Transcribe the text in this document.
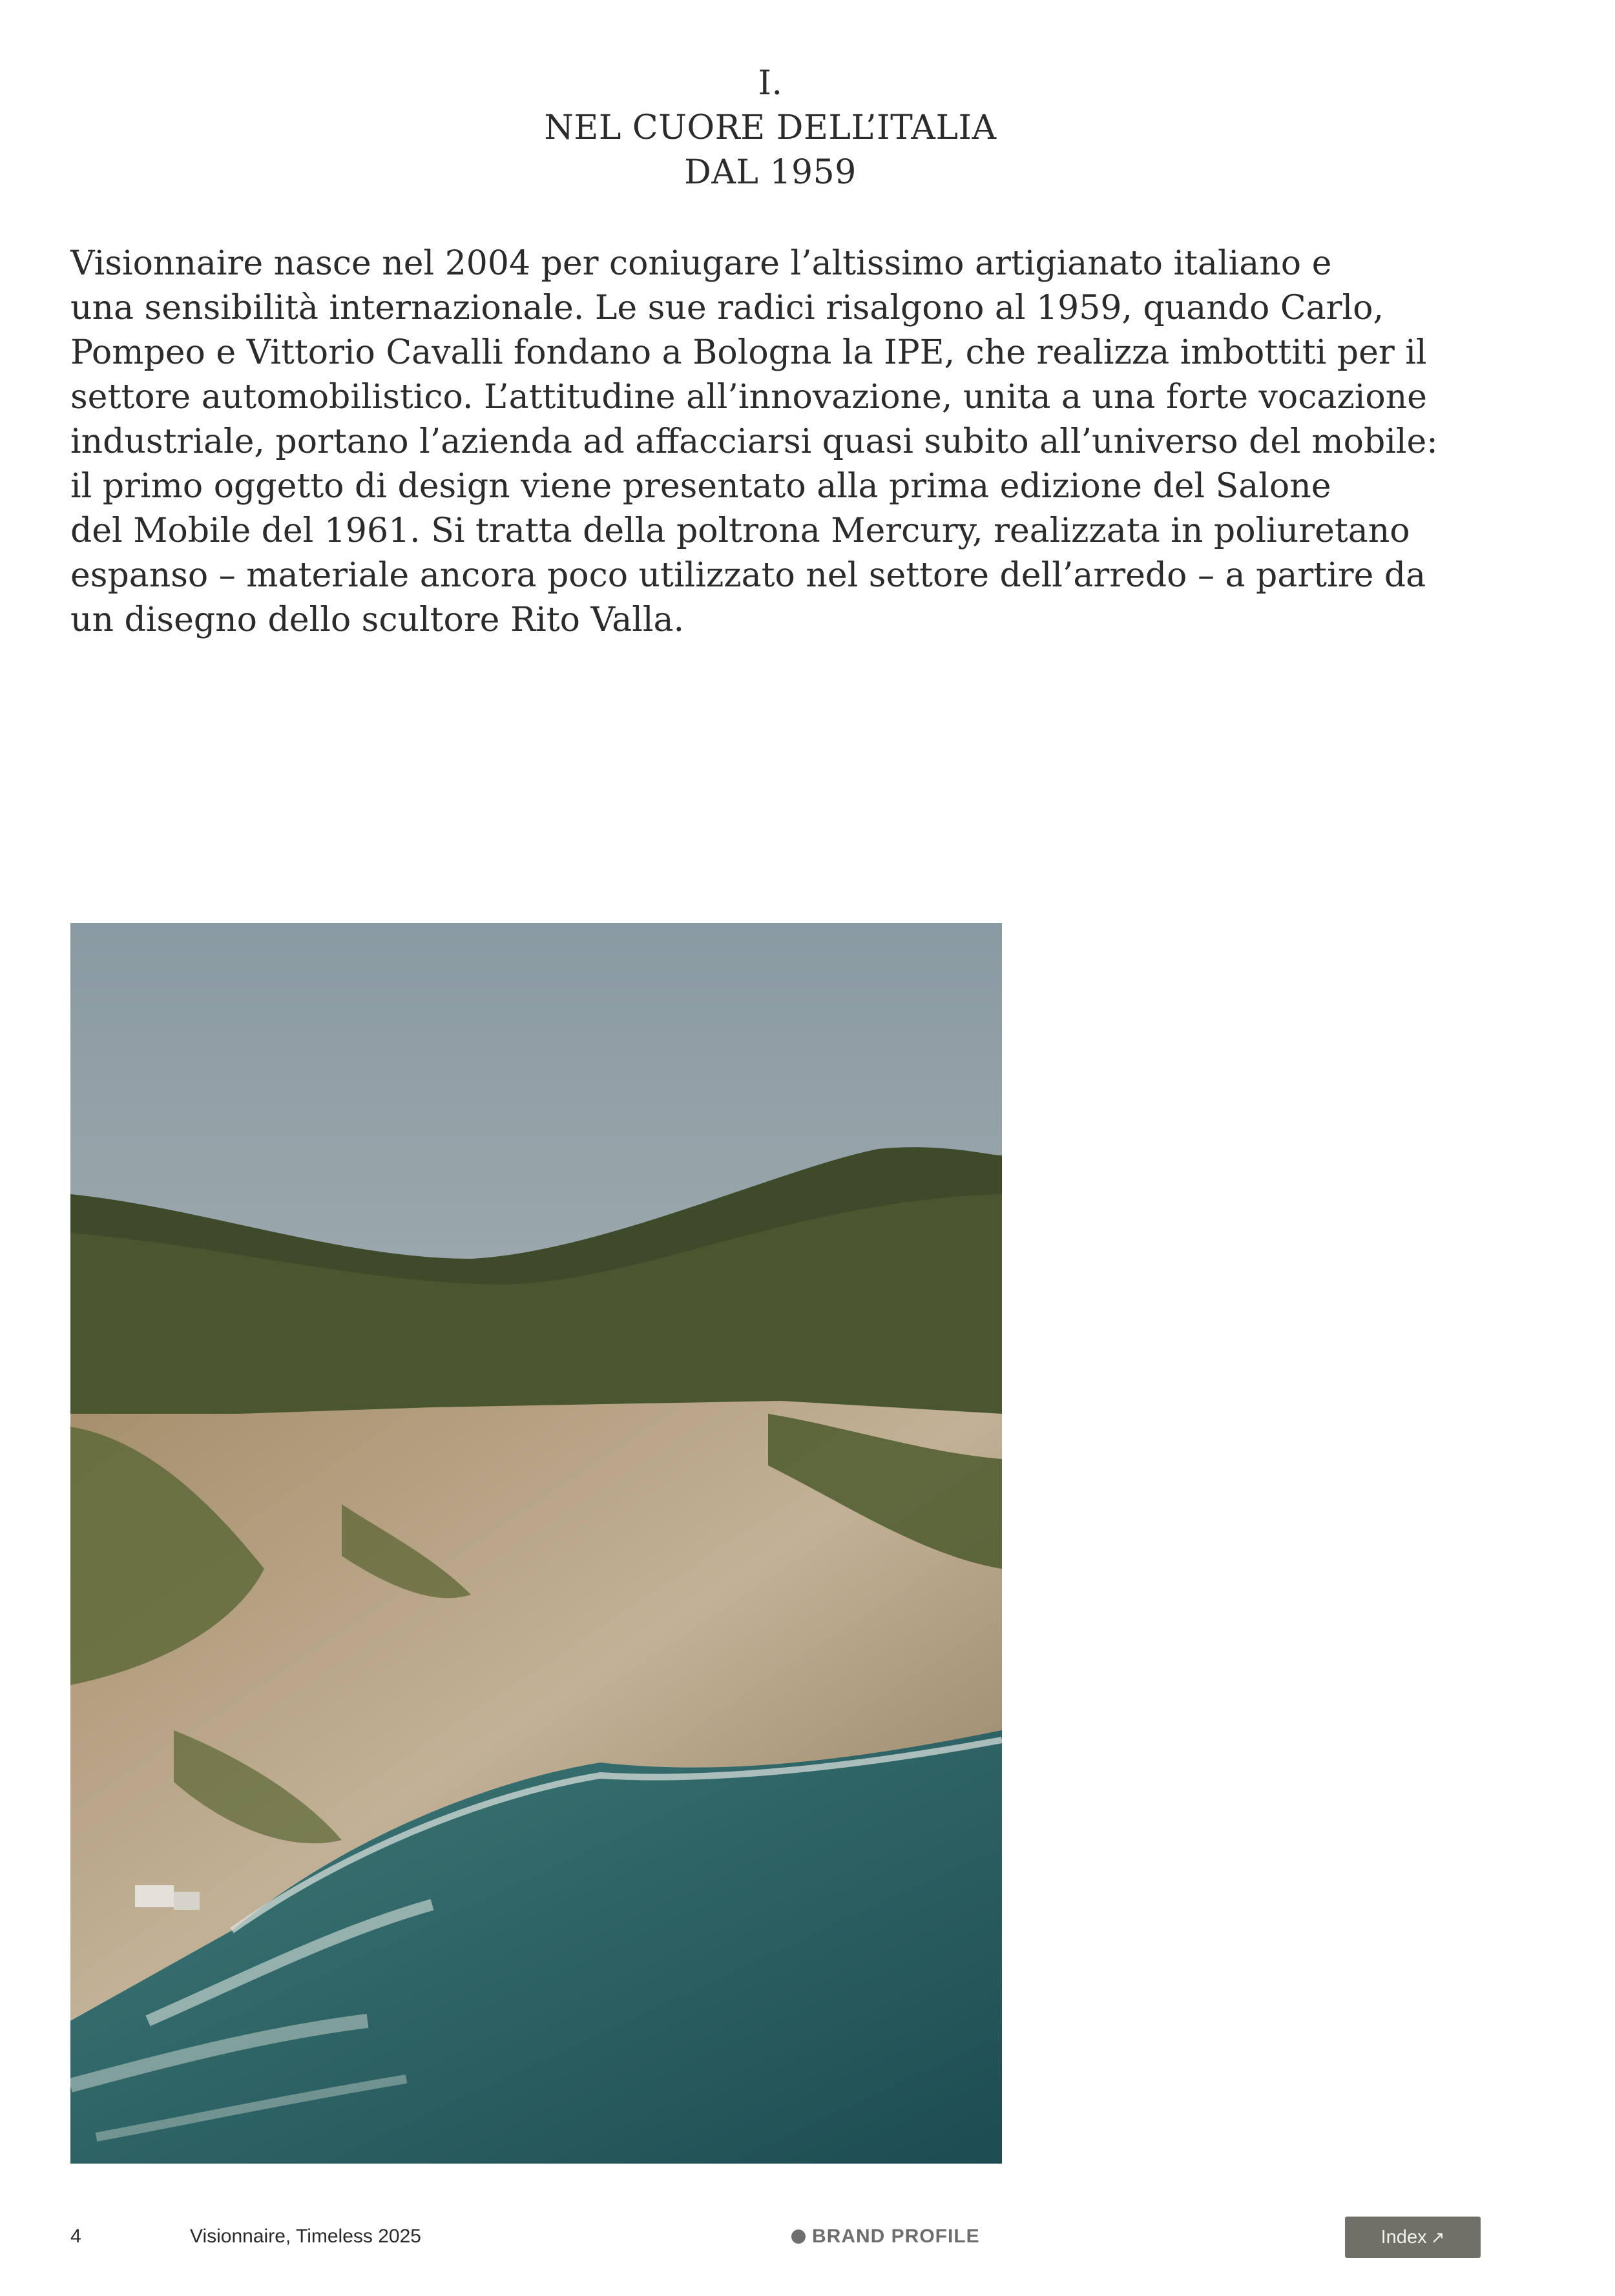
I.
NEL CUORE DELL’ITALIA
DAL 1959
Visionnaire nasce nel 2004 per coniugare l’altissimo artigianato italiano e
una sensibilità internazionale. Le sue radici risalgono al 1959, quando Carlo,
Pompeo e Vittorio Cavalli fondano a Bologna la IPE, che realizza imbottiti per il
settore automobilistico. L’attitudine all’innovazione, unita a una forte vocazione
industriale, portano l’azienda ad affacciarsi quasi subito all’universo del mobile:
il primo oggetto di design viene presentato alla prima edizione del Salone
del Mobile del 1961. Si tratta della poltrona Mercury, realizzata in poliuretano
espanso – materiale ancora poco utilizzato nel settore dell’arredo – a partire da
un disegno dello scultore Rito Valla.
4	Visionnaire, Timeless 2025	BRAND PROFILE	Index ↗
